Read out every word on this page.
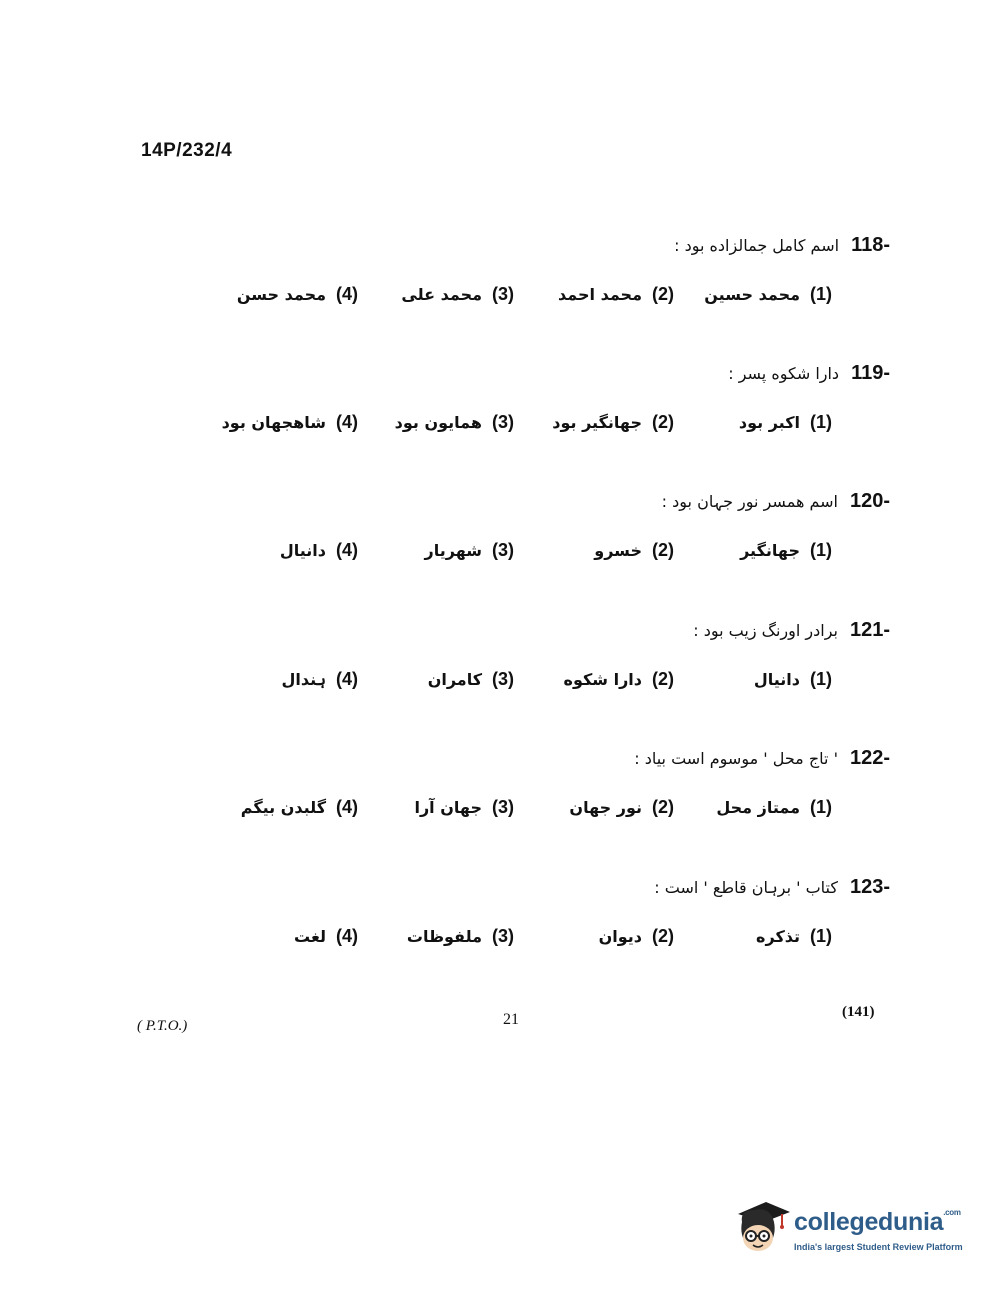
14P/232/4
118-اسم کامل جمالزاده بود :
(1)محمد حسین
(2)محمد احمد
(3)محمد علی
(4)محمد حسن
119-دارا شکوه پسر :
(1)اکبر بود
(2)جهانگیر بود
(3)همایون بود
(4)شاهجهان بود
120-اسم همسر نور جہان بود :
(1)جهانگیر
(2)خسرو
(3)شهریار
(4)دانیال
121-برادر اورنگ زیب بود :
(1)دانیال
(2)دارا شکوه
(3)کامران
(4)ہندال
122-' تاج محل ' موسوم است بیاد :
(1)ممتاز محل
(2)نور جهان
(3)جهان آرا
(4)گلبدن بیگم
123-کتاب ' برہان قاطع ' است :
(1)تذکره
(2)دیوان
(3)ملفوظات
(4)لغت
( P.T.O.)	21	(141)
collegedunia$^{.com}$
India's largest Student Review Platform
